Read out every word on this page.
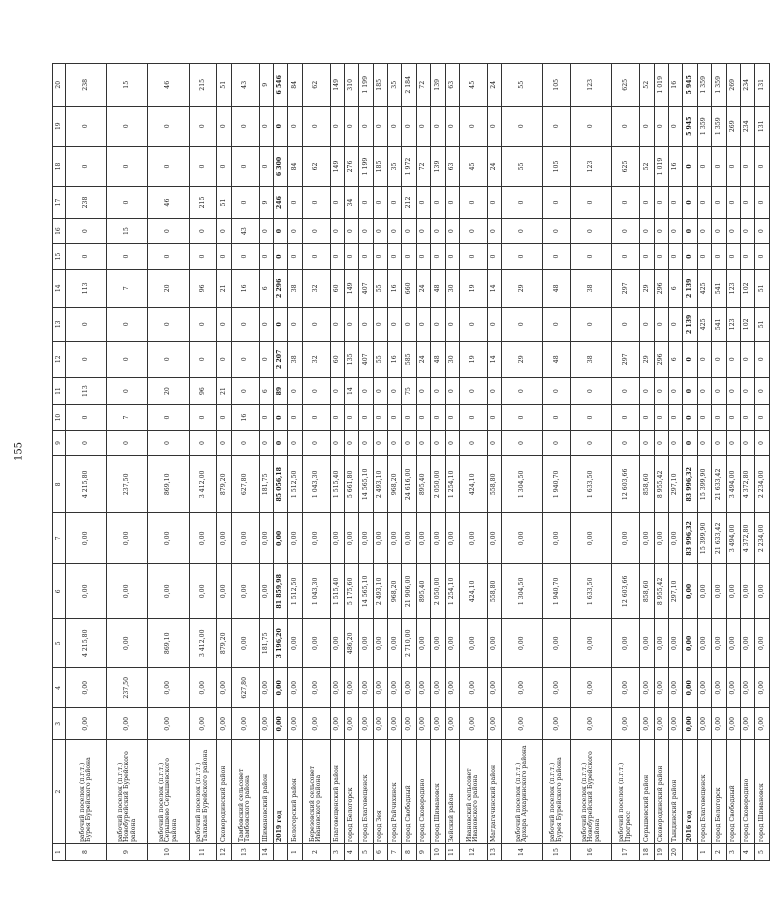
155
1	2	3	4	5	6	7	8	9	10	11	12	13	14	15	16	17	18	19	20
8	рабочий поселок (п.г.т.) Бурея Бурейского района	0,00	0,00	4 215,80	0,00	0,00	4 215,80	0	0	113	0	0	113	0	0	238	0	0	238
9	рабочий поселок (п.г.т.) Новобурейский Бурейского района	0,00	237,50	0,00	0,00	0,00	237,50	0	7	0	0	0	7	0	15	0	0	0	15
10	рабочий поселок (п.г.т.) Серышево Серышевского района	0,00	0,00	869,10	0,00	0,00	869,10	0	0	20	0	0	20	0	0	46	0	0	46
11	рабочий поселок (п.г.т.) Талакан Бурейского района	0,00	0,00	3 412,00	0,00	0,00	3 412,00	0	0	96	0	0	96	0	0	215	0	0	215
12	Сковородинский район	0,00	0,00	879,20	0,00	0,00	879,20	0	0	21	0	0	21	0	0	51	0	0	51
13	Тамбовский сельсовет Тамбовского района	0,00	627,80	0,00	0,00	0,00	627,80	0	16	0	0	0	16	0	43	0	0	0	43
14	Шимановский район	0,00	0,00	181,75	0,00	0,00	181,75	0	0	6	0	0	6	0	0	9	0	0	9
	2019 год	0,00	0,00	3 196,20	81 859,98	0,00	85 056,18	0	0	89	2 207	0	2 296	0	0	246	6 300	0	6 546
1	Белогорский район	0,00	0,00	0,00	1 512,50	0,00	1 512,50	0	0	0	38	0	38	0	0	0	84	0	84
2	Березовский сельсовет Ивановского района	0,00	0,00	0,00	1 043,30	0,00	1 043,30	0	0	0	32	0	32	0	0	0	62	0	62
3	Благовещенский район	0,00	0,00	0,00	1 515,40	0,00	1 515,40	0	0	0	60	0	60	0	0	0	149	0	149
4	город Белогорск	0,00	0,00	486,20	5 175,60	0,00	5 661,80	0	0	14	135	0	149	0	0	34	276	0	310
5	город Благовещенск	0,00	0,00	0,00	14 565,10	0,00	14 565,10	0	0	0	407	0	407	0	0	0	1 199	0	1 199
6	город Зея	0,00	0,00	0,00	2 493,10	0,00	2 493,10	0	0	0	55	0	55	0	0	0	185	0	185
7	город Райчихинск	0,00	0,00	0,00	968,20	0,00	968,20	0	0	0	16	0	16	0	0	0	35	0	35
8	город Свободный	0,00	0,00	2 710,00	21 906,00	0,00	24 616,00	0	0	75	585	0	660	0	0	212	1 972	0	2 184
9	город Сковородино	0,00	0,00	0,00	895,40	0,00	895,40	0	0	0	24	0	24	0	0	0	72	0	72
10	город Шимановск	0,00	0,00	0,00	2 050,00	0,00	2 050,00	0	0	0	48	0	48	0	0	0	139	0	139
11	Зейский район	0,00	0,00	0,00	1 254,10	0,00	1 254,10	0	0	0	30	0	30	0	0	0	63	0	63
12	Ивановский сельсовет Ивановского района	0,00	0,00	0,00	424,10	0,00	424,10	0	0	0	19	0	19	0	0	0	45	0	45
13	Магдагачинский район	0,00	0,00	0,00	558,80	0,00	558,80	0	0	0	14	0	14	0	0	0	24	0	24
14	рабочий поселок (п.г.т.) Архара Архаринского района	0,00	0,00	0,00	1 304,50	0,00	1 304,50	0	0	0	29	0	29	0	0	0	55	0	55
15	рабочий поселок (п.г.т.) Бурея Бурейского района	0,00	0,00	0,00	1 940,70	0,00	1 940,70	0	0	0	48	0	48	0	0	0	105	0	105
16	рабочий поселок (п.г.т.) Новобурейский Бурейского района	0,00	0,00	0,00	1 633,50	0,00	1 633,50	0	0	0	38	0	38	0	0	0	123	0	123
17	рабочий поселок (п.г.т.) Прогресс	0,00	0,00	0,00	12 603,66	0,00	12 603,66	0	0	0	297	0	297	0	0	0	625	0	625
18	Серышевский район	0,00	0,00	0,00	858,60	0,00	858,60	0	0	0	29	0	29	0	0	0	52	0	52
19	Сковородинский район	0,00	0,00	0,00	8 955,42	0,00	8 955,42	0	0	0	296	0	296	0	0	0	1 019	0	1 019
20	Тындинский район	0,00	0,00	0,00	297,10	0,00	297,10	0	0	0	6	0	6	0	0	0	16	0	16
	2016 год	0,00	0,00	0,00	0,00	83 996,32	83 996,32	0	0	0	0	2 139	2 139	0	0	0	0	5 945	5 945
1	город Благовещенск	0,00	0,00	0,00	0,00	15 399,90	15 399,90	0	0	0	0	425	425	0	0	0	0	1 359	1 359
2	город Белогорск	0,00	0,00	0,00	0,00	21 633,42	21 633,42	0	0	0	0	541	541	0	0	0	0	1 359	1 359
3	город Свободный	0,00	0,00	0,00	0,00	3 494,00	3 494,00	0	0	0	0	123	123	0	0	0	0	269	269
4	город Сковородино	0,00	0,00	0,00	0,00	4 372,80	4 372,80	0	0	0	0	102	102	0	0	0	0	234	234
5	город Шимановск	0,00	0,00	0,00	0,00	2 234,00	2 234,00	0	0	0	0	51	51	0	0	0	0	131	131
